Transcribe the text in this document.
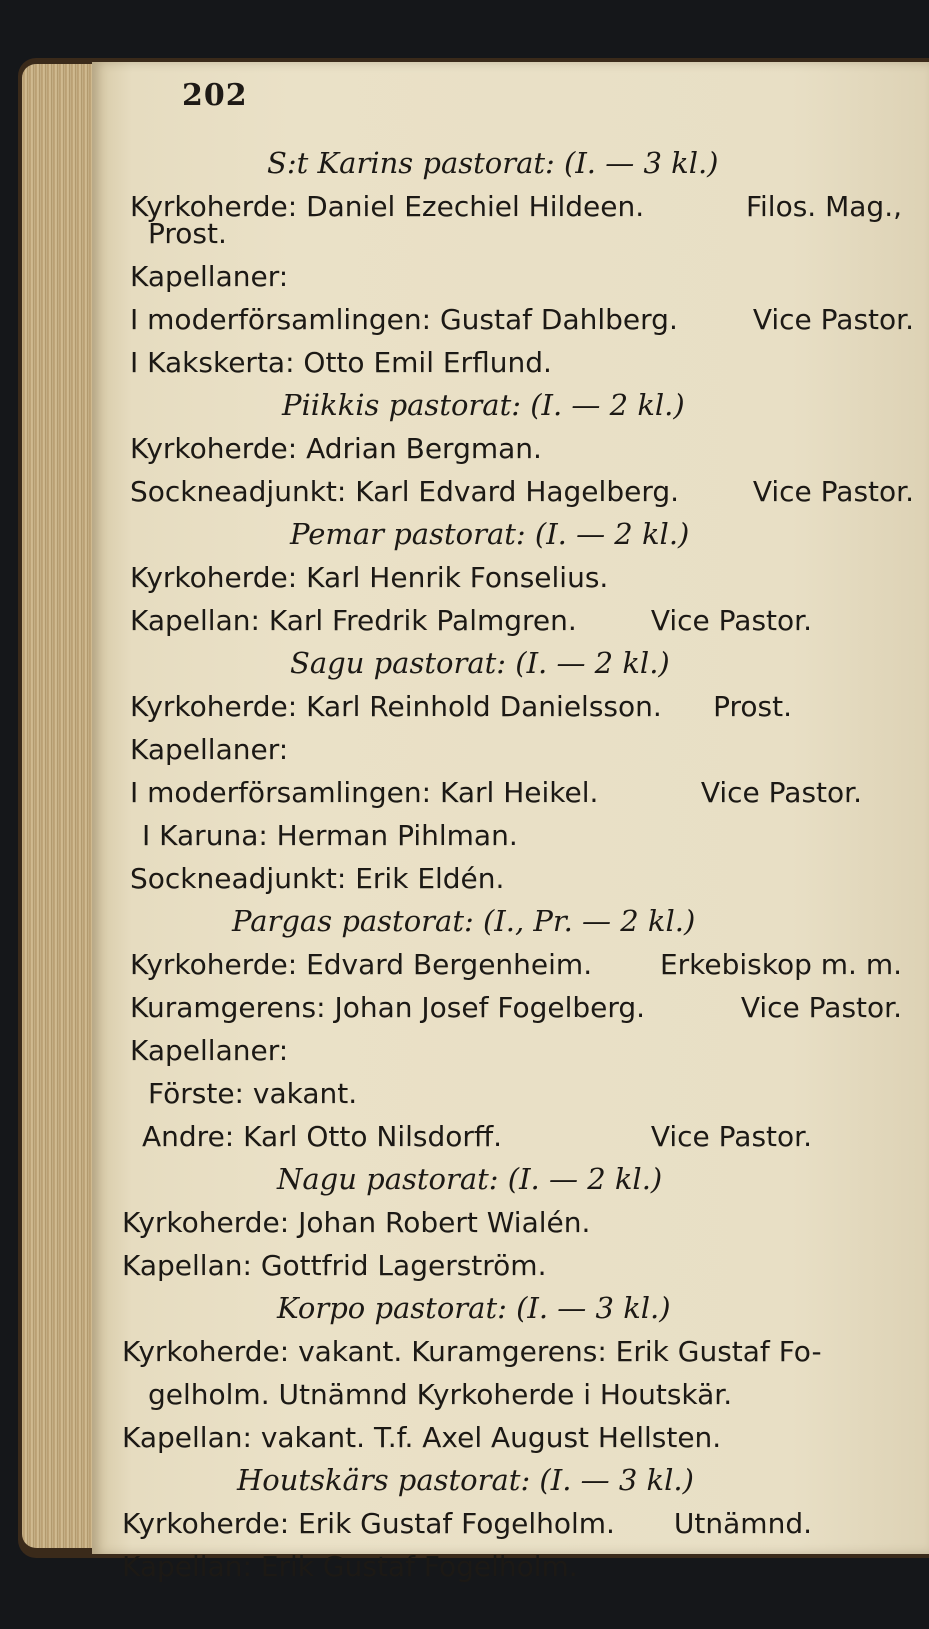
202
S:t Karins pastorat: (I. — 3 kl.)
Kyrkoherde: Daniel Ezechiel Hildeen.	Filos. Mag.,
Prost.
Kapellaner:
I moderförsamlingen: Gustaf Dahlberg.	Vice Pastor.
I Kakskerta: Otto Emil Erflund.
Piikkis pastorat: (I. — 2 kl.)
Kyrkoherde: Adrian Bergman.
Sockneadjunkt: Karl Edvard Hagelberg.	Vice Pastor.
Pemar pastorat: (I. — 2 kl.)
Kyrkoherde: Karl Henrik Fonselius.
Kapellan: Karl Fredrik Palmgren.	Vice Pastor.
Sagu pastorat: (I. — 2 kl.)
Kyrkoherde: Karl Reinhold Danielsson. Prost.
Kapellaner:
I moderförsamlingen: Karl Heikel.	Vice Pastor.
I Karuna: Herman Pihlman.
Sockneadjunkt: Erik Eldén.
Pargas pastorat: (I., Pr. — 2 kl.)
Kyrkoherde: Edvard Bergenheim. Erkebiskop m. m.
Kuramgerens: Johan Josef Fogelberg.	Vice Pastor.
Kapellaner:
Förste: vakant.
Andre: Karl Otto Nilsdorff.	Vice Pastor.
Nagu pastorat: (I. — 2 kl.)
Kyrkoherde: Johan Robert Wialén.
Kapellan: Gottfrid Lagerström.
Korpo pastorat: (I. — 3 kl.)
Kyrkoherde: vakant. Kuramgerens: Erik Gustaf Fo-
gelholm. Utnämnd Kyrkoherde i Houtskär.
Kapellan: vakant. T.f. Axel August Hellsten.
Houtskärs pastorat: (I. — 3 kl.)
Kyrkoherde: Erik Gustaf Fogelholm. Utnämnd.
Kapellan: Erik Gustaf Fogelholm.
